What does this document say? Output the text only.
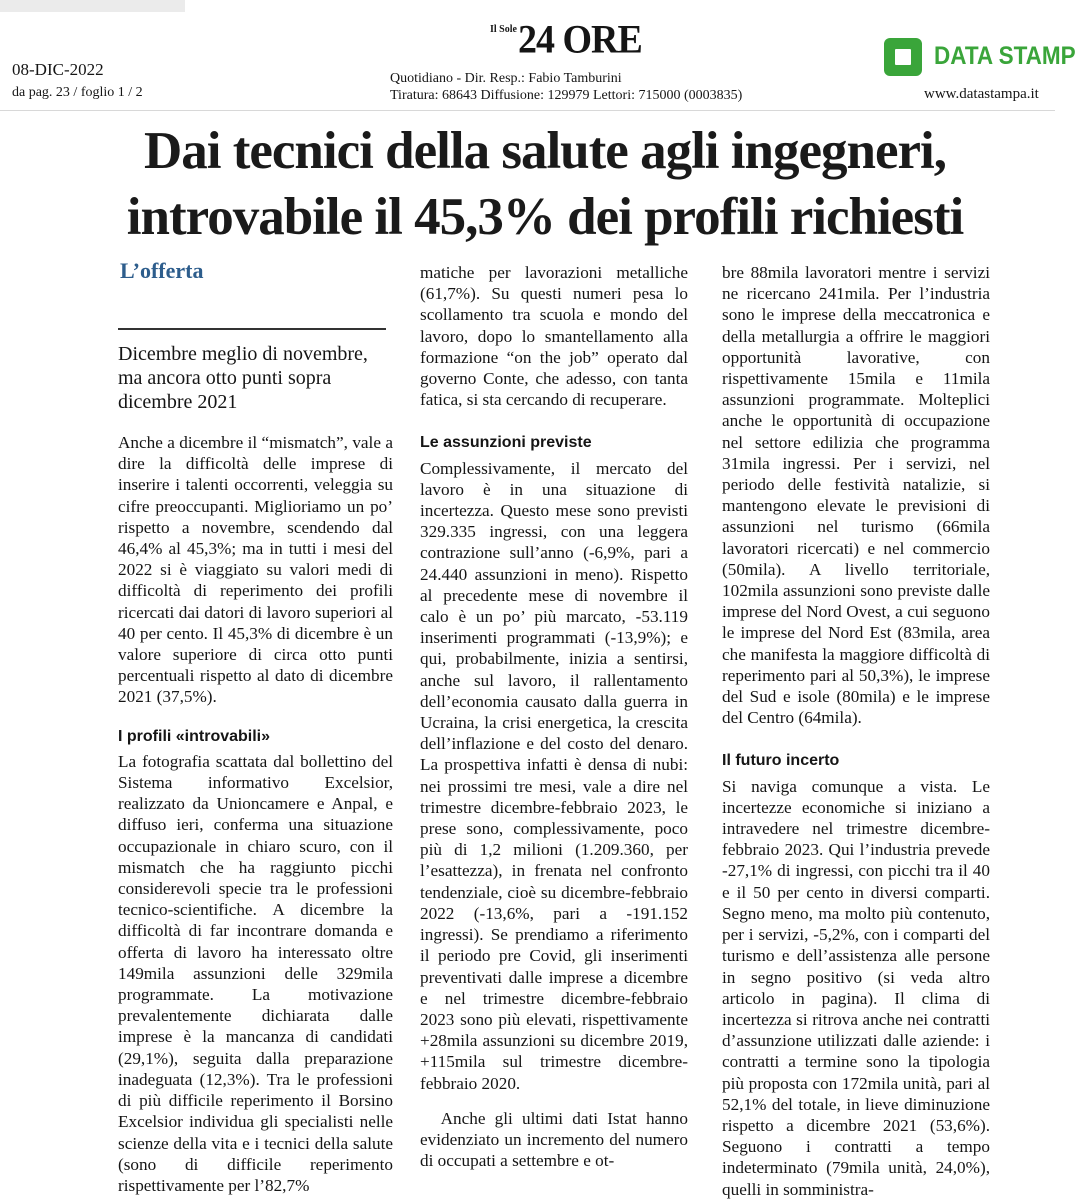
Il Sole 24 ORE
08-DIC-2022
da pag. 23 / foglio 1 / 2
Quotidiano - Dir. Resp.: Fabio Tamburini
Tiratura: 68643 Diffusione: 129979 Lettori: 715000 (0003835)
DATA STAMP
www.datastampa.it
Dai tecnici della salute agli ingegneri,
introvabile il 45,3% dei profili richiesti
L’offerta
Dicembre meglio di novembre, ma ancora otto punti sopra dicembre 2021

Anche a dicembre il “mismatch”, vale a dire la difficoltà delle imprese di inserire i talenti occorrenti, veleggia su cifre preoccupanti. Miglioriamo un po’ rispetto a novembre, scendendo dal 46,4% al 45,3%; ma in tutti i mesi del 2022 si è viaggiato su valori medi di difficoltà di reperimento dei profili ricercati dai datori di lavoro superiori al 40 per cento. Il 45,3% di dicembre è un valore superiore di circa otto punti percentuali rispetto al dato di dicembre 2021 (37,5%).

I profili «introvabili»

La fotografia scattata dal bollettino del Sistema informativo Excelsior, realizzato da Unioncamere e Anpal, e diffuso ieri, conferma una situazione occupazionale in chiaro scuro, con il mismatch che ha raggiunto picchi considerevoli specie tra le professioni tecnico-scientifiche. A dicembre la difficoltà di far incontrare domanda e offerta di lavoro ha interessato oltre 149mila assunzioni delle 329mila programmate. La motivazione prevalentemente dichiarata dalle imprese è la mancanza di candidati (29,1%), seguita dalla preparazione inadeguata (12,3%). Tra le professioni di più difficile reperimento il Borsino Excelsior individua gli specialisti nelle scienze della vita e i tecnici della salute (sono di difficile reperimento rispettivamente per l’82,7%

matiche per lavorazioni metalliche (61,7%). Su questi numeri pesa lo scollamento tra scuola e mondo del lavoro, dopo lo smantellamento alla formazione “on the job” operato dal governo Conte, che adesso, con tanta fatica, si sta cercando di recuperare.

Le assunzioni previste

Complessivamente, il mercato del lavoro è in una situazione di incertezza. Questo mese sono previsti 329.335 ingressi, con una leggera contrazione sull’anno (-6,9%, pari a 24.440 assunzioni in meno). Rispetto al precedente mese di novembre il calo è un po’ più marcato, -53.119 inserimenti programmati (-13,9%); e qui, probabilmente, inizia a sentirsi, anche sul lavoro, il rallentamento dell’economia causato dalla guerra in Ucraina, la crisi energetica, la crescita dell’inflazione e del costo del denaro. La prospettiva infatti è densa di nubi: nei prossimi tre mesi, vale a dire nel trimestre dicembre-febbraio 2023, le prese sono, complessivamente, poco più di 1,2 milioni (1.209.360, per l’esattezza), in frenata nel confronto tendenziale, cioè su dicembre-febbraio 2022 (-13,6%, pari a -191.152 ingressi). Se prendiamo a riferimento il periodo pre Covid, gli inserimenti preventivati dalle imprese a dicembre e nel trimestre dicembre-febbraio 2023 sono più elevati, rispettivamente +28mila assunzioni su dicembre 2019, +115mila sul trimestre dicembre-febbraio 2020.

Anche gli ultimi dati Istat hanno evidenziato un incremento del numero di occupati a settembre e ot-

bre 88mila lavoratori mentre i servizi ne ricercano 241mila. Per l’industria sono le imprese della meccatronica e della metallurgia a offrire le maggiori opportunità lavorative, con rispettivamente 15mila e 11mila assunzioni programmate. Molteplici anche le opportunità di occupazione nel settore edilizia che programma 31mila ingressi. Per i servizi, nel periodo delle festività natalizie, si mantengono elevate le previsioni di assunzioni nel turismo (66mila lavoratori ricercati) e nel commercio (50mila). A livello territoriale, 102mila assunzioni sono previste dalle imprese del Nord Ovest, a cui seguono le imprese del Nord Est (83mila, area che manifesta la maggiore difficoltà di reperimento pari al 50,3%), le imprese del Sud e isole (80mila) e le imprese del Centro (64mila).

Il futuro incerto

Si naviga comunque a vista. Le incertezze economiche si iniziano a intravedere nel trimestre dicembre-febbraio 2023. Qui l’industria prevede -27,1% di ingressi, con picchi tra il 40 e il 50 per cento in diversi comparti. Segno meno, ma molto più contenuto, per i servizi, -5,2%, con i comparti del turismo e dell’assistenza alle persone in segno positivo (si veda altro articolo in pagina). Il clima di incertezza si ritrova anche nei contratti d’assunzione utilizzati dalle aziende: i contratti a termine sono la tipologia più proposta con 172mila unità, pari al 52,1% del totale, in lieve diminuzione rispetto a dicembre 2021 (53,6%). Seguono i contratti a tempo indeterminato (79mila unità, 24,0%), quelli in somministra-
